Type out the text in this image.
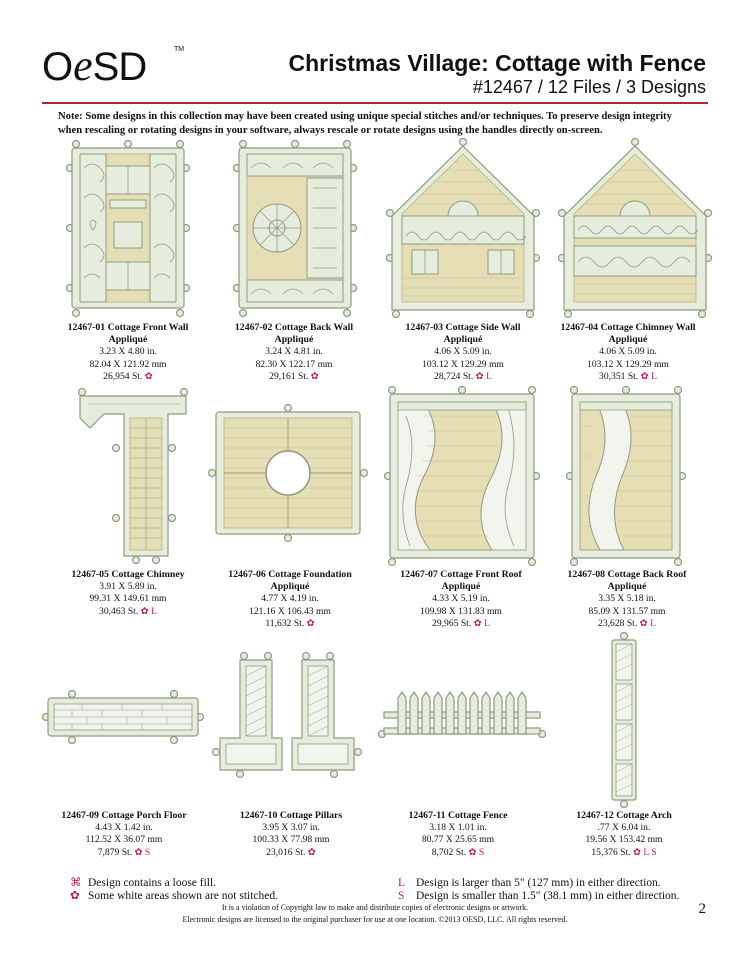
OeSD	TM
Christmas Village: Cottage with Fence
#12467 / 12 Files / 3 Designs
Note: Some designs in this collection may have been created using unique special stitches and/or techniques. To preserve design integrity when rescaling or rotating designs in your software, always rescale or rotate designs using the handles directly on-screen.
12467-01 Cottage Front Wall
Appliqué
3.23 X 4.80 in.
82.04 X 121.92 mm
26,954 St. ✿
12467-02 Cottage Back Wall
Appliqué
3.24 X 4.81 in.
82.30 X 122.17 mm
29,161 St. ✿
12467-03 Cottage Side Wall
Appliqué
4.06 X 5.09 in.
103.12 X 129.29 mm
28,724 St. ✿ L
12467-04 Cottage Chimney Wall
Appliqué
4.06 X 5.09 in.
103.12 X 129.29 mm
30,351 St. ✿ L
12467-05 Cottage Chimney
3.91 X 5.89 in.
99.31 X 149.61 mm
30,463 St. ✿ L
12467-06 Cottage Foundation
Appliqué
4.77 X 4.19 in.
121.16 X 106.43 mm
11,632 St. ✿
12467-07 Cottage Front Roof
Appliqué
4.33 X 5.19 in.
109.98 X 131.83 mm
29,965 St. ✿ L
12467-08 Cottage Back Roof
Appliqué
3.35 X 5.18 in.
85.09 X 131.57 mm
23,628 St. ✿ L
12467-09 Cottage Porch Floor
4.43 X 1.42 in.
112.52 X 36.07 mm
7,879 St. ✿ S
12467-10 Cottage Pillars
3.95 X 3.07 in.
100.33 X 77.98 mm
23,016 St. ✿
12467-11 Cottage Fence
3.18 X 1.01 in.
80.77 X 25.65 mm
8,702 St. ✿ S
12467-12 Cottage Arch
.77 X 6.04 in.
19.56 X 153.42 mm
15,376 St. ✿ L S
⌘ Design contains a loose fill.
✿ Some white areas shown are not stitched.
L Design is larger than 5" (127 mm) in either direction.
S Design is smaller than 1.5" (38.1 mm) in either direction.
It is a violation of Copyright law to make and distribute copies of electronic designs or artwork.
Electronic designs are licensed to the original purchaser for use at one location. ©2013 OESD, LLC. All rights reserved.
2
